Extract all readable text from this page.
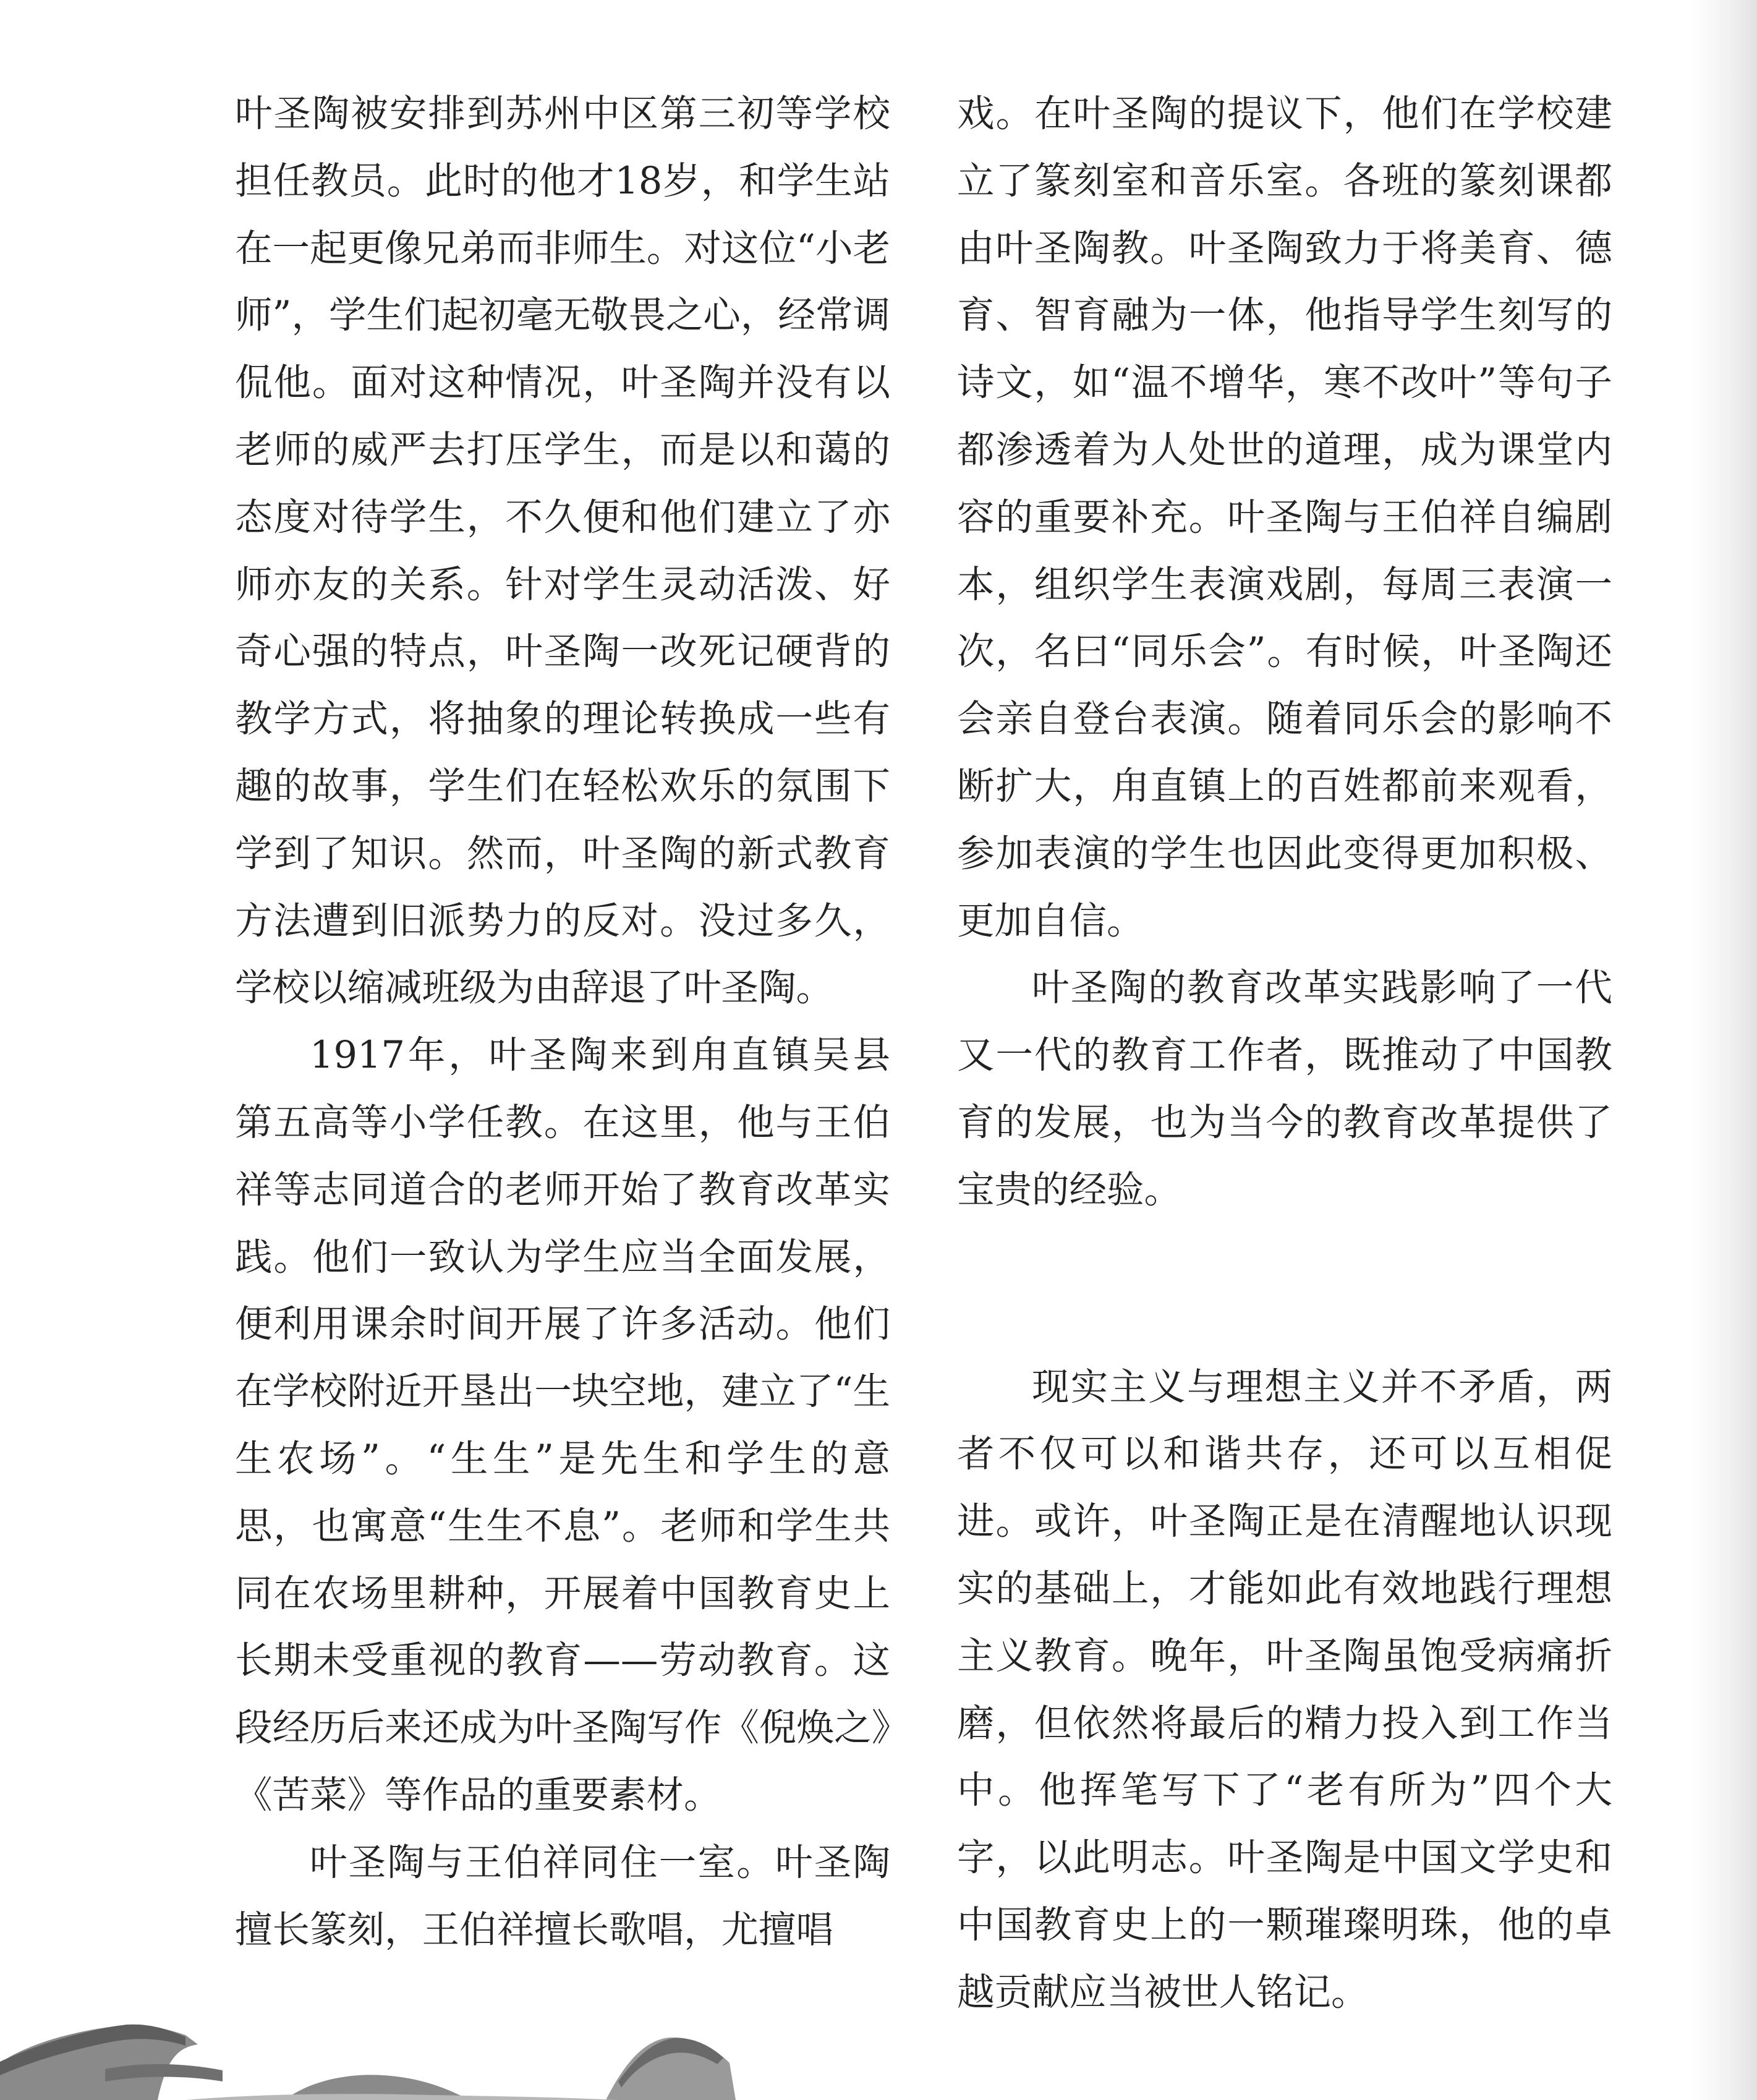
叶圣陶被安排到苏州中区第三初等学校担任教员。此时的他才18岁，和学生站在一起更像兄弟而非师生。对这位“小老师”，学生们起初毫无敬畏之心，经常调侃他。面对这种情况，叶圣陶并没有以老师的威严去打压学生，而是以和蔼的态度对待学生，不久便和他们建立了亦师亦友的关系。针对学生灵动活泼、好奇心强的特点，叶圣陶一改死记硬背的教学方式，将抽象的理论转换成一些有趣的故事，学生们在轻松欢乐的氛围下学到了知识。然而，叶圣陶的新式教育方法遭到旧派势力的反对。没过多久，学校以缩减班级为由辞退了叶圣陶。

1917年，叶圣陶来到甪直镇吴县第五高等小学任教。在这里，他与王伯祥等志同道合的老师开始了教育改革实践。他们一致认为学生应当全面发展，便利用课余时间开展了许多活动。他们在学校附近开垦出一块空地，建立了“生生农场”。“生生”是先生和学生的意思，也寓意“生生不息”。老师和学生共同在农场里耕种，开展着中国教育史上长期未受重视的教育——劳动教育。这段经历后来还成为叶圣陶写作《倪焕之》《苦菜》等作品的重要素材。

叶圣陶与王伯祥同住一室。叶圣陶擅长篆刻，王伯祥擅长歌唱，尤擅唱

戏。在叶圣陶的提议下，他们在学校建立了篆刻室和音乐室。各班的篆刻课都由叶圣陶教。叶圣陶致力于将美育、德育、智育融为一体，他指导学生刻写的诗文，如“温不增华，寒不改叶”等句子都渗透着为人处世的道理，成为课堂内容的重要补充。叶圣陶与王伯祥自编剧本，组织学生表演戏剧，每周三表演一次，名曰“同乐会”。有时候，叶圣陶还会亲自登台表演。随着同乐会的影响不断扩大，甪直镇上的百姓都前来观看，参加表演的学生也因此变得更加积极、更加自信。

叶圣陶的教育改革实践影响了一代又一代的教育工作者，既推动了中国教育的发展，也为当今的教育改革提供了宝贵的经验。

现实主义与理想主义并不矛盾，两者不仅可以和谐共存，还可以互相促进。或许，叶圣陶正是在清醒地认识现实的基础上，才能如此有效地践行理想主义教育。晚年，叶圣陶虽饱受病痛折磨，但依然将最后的精力投入到工作当中。他挥笔写下了“老有所为”四个大字，以此明志。叶圣陶是中国文学史和中国教育史上的一颗璀璨明珠，他的卓越贡献应当被世人铭记。
